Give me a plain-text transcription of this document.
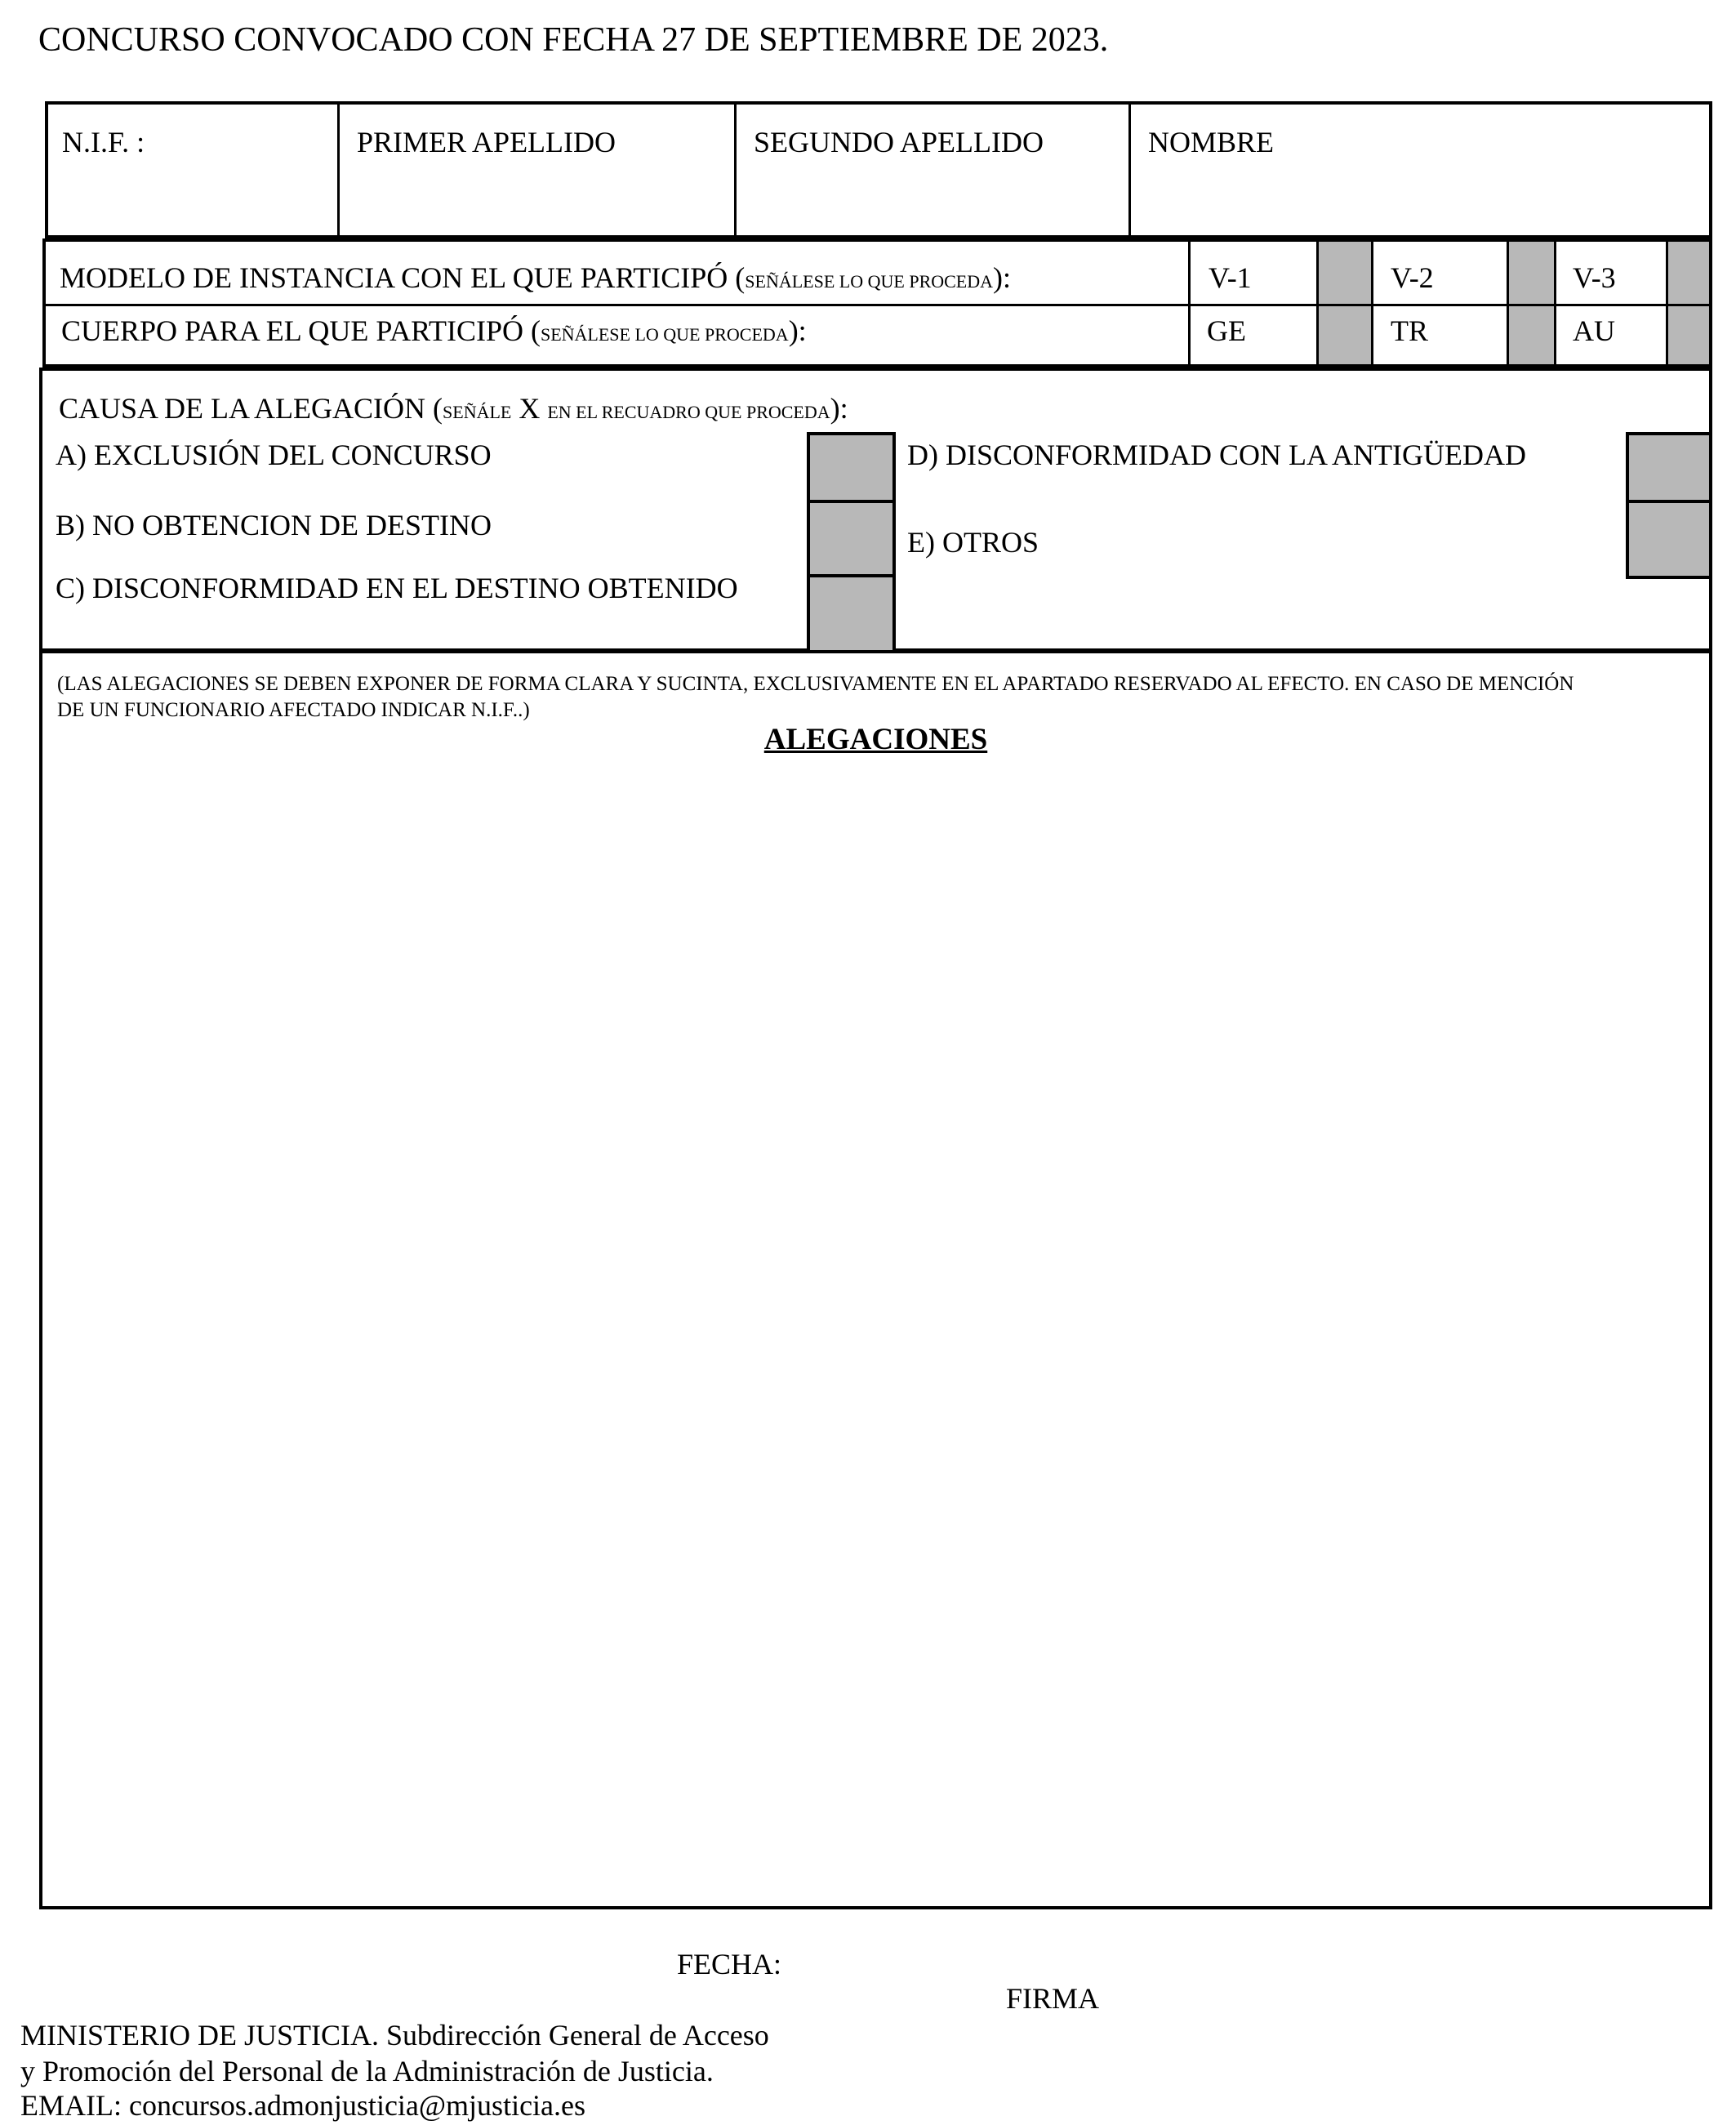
CONCURSO CONVOCADO CON FECHA 27 DE SEPTIEMBRE DE 2023.
N.I.F. :	PRIMER APELLIDO	SEGUNDO APELLIDO	NOMBRE
MODELO DE INSTANCIA CON EL QUE PARTICIPÓ (SEÑÁLESE LO QUE PROCEDA):	V-1	V-2	V-3
CUERPO PARA EL QUE PARTICIPÓ (SEÑÁLESE LO QUE PROCEDA):	GE	TR	AU
CAUSA DE LA ALEGACIÓN (SEÑÁLE X EN EL RECUADRO QUE PROCEDA):
A) EXCLUSIÓN DEL CONCURSO
B) NO OBTENCION DE DESTINO
C) DISCONFORMIDAD EN EL DESTINO OBTENIDO
D) DISCONFORMIDAD CON LA ANTIGÜEDAD
E) OTROS
(LAS ALEGACIONES SE DEBEN EXPONER DE FORMA CLARA Y SUCINTA, EXCLUSIVAMENTE EN EL APARTADO RESERVADO AL EFECTO. EN CASO DE MENCIÓN
DE UN FUNCIONARIO AFECTADO INDICAR N.I.F..)
ALEGACIONES
FECHA:
FIRMA
MINISTERIO DE JUSTICIA. Subdirección General de Acceso
y Promoción del Personal de la Administración de Justicia.
EMAIL: concursos.admonjusticia@mjusticia.es
